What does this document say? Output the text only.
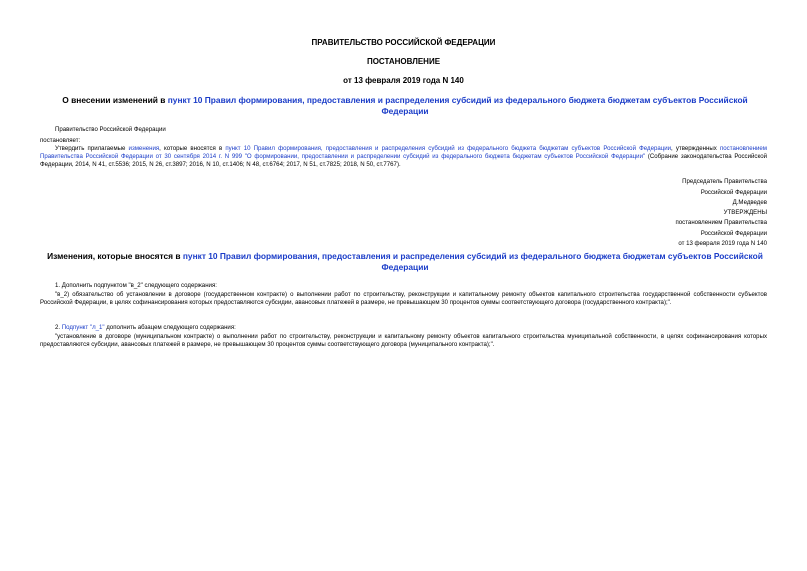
ПРАВИТЕЛЬСТВО РОССИЙСКОЙ ФЕДЕРАЦИИ
ПОСТАНОВЛЕНИЕ
от 13 февраля 2019 года N 140
О внесении изменений в пункт 10 Правил формирования, предоставления и распределения субсидий из федерального бюджета бюджетам субъектов Российской Федерации
Правительство Российской Федерации
постановляет:
Утвердить прилагаемые изменения, которые вносятся в пункт 10 Правил формирования, предоставления и распределения субсидий из федерального бюджета бюджетам субъектов Российской Федерации, утвержденных постановлением Правительства Российской Федерации от 30 сентября 2014 г. N 999 "О формировании, предоставлении и распределении субсидий из федерального бюджета бюджетам субъектов Российской Федерации" (Собрание законодательства Российской Федерации, 2014, N 41, ст.5536; 2015, N 26, ст.3897; 2016, N 10, ст.1406; N 48, ст.6764; 2017, N 51, ст.7825; 2018, N 50, ст.7767).
Председатель Правительства
Российской Федерации
Д.Медведев
УТВЕРЖДЕНЫ
постановлением Правительства
Российской Федерации
от 13 февраля 2019 года N 140
Изменения, которые вносятся в пункт 10 Правил формирования, предоставления и распределения субсидий из федерального бюджета бюджетам субъектов Российской Федерации
1. Дополнить подпунктом "в_2" следующего содержания:
"в_2) обязательство об установлении в договоре (государственном контракте) о выполнении работ по строительству, реконструкции и капитальному ремонту объектов капитального строительства государственной собственности субъектов Российской Федерации, в целях софинансирования которых предоставляются субсидии, авансовых платежей в размере, не превышающем 30 процентов суммы соответствующего договора (государственного контракта);".
2. Подпункт "л_1" дополнить абзацем следующего содержания:
"установление в договоре (муниципальном контракте) о выполнении работ по строительству, реконструкции и капитальному ремонту объектов капитального строительства муниципальной собственности, в целях софинансирования которых предоставляются субсидии, авансовых платежей в размере, не превышающем 30 процентов суммы соответствующего договора (муниципального контракта);".
